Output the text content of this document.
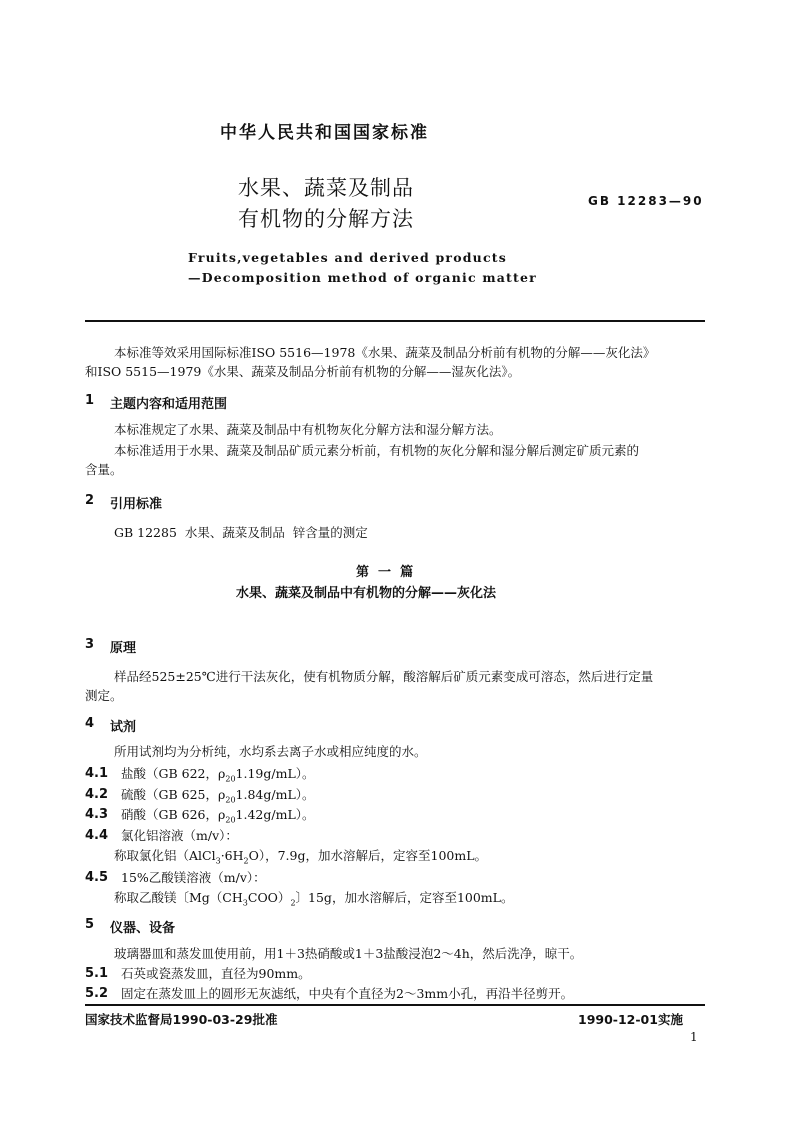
中华人民共和国国家标准
水果、蔬菜及制品
有机物的分解方法
GB 12283—90
Fruits,vegetables and derived products
—Decomposition method of organic matter
本标准等效采用国际标准ISO 5516—1978《水果、蔬菜及制品分析前有机物的分解——灰化法》
和ISO 5515—1979《水果、蔬菜及制品分析前有机物的分解——湿灰化法》。
1 主题内容和适用范围
本标准规定了水果、蔬菜及制品中有机物灰化分解方法和湿分解方法。
本标准适用于水果、蔬菜及制品矿质元素分析前，有机物的灰化分解和湿分解后测定矿质元素的
含量。
2 引用标准
GB 12285  水果、蔬菜及制品  锌含量的测定
第  一  篇
水果、蔬菜及制品中有机物的分解——灰化法
3 原理
样品经525±25℃进行干法灰化，使有机物质分解，酸溶解后矿质元素变成可溶态，然后进行定量
测定。
4 试剂
所用试剂均为分析纯，水均系去离子水或相应纯度的水。
4.1 盐酸（GB 622，$\rho_{20}1.19g/mL$）。
4.2 硫酸（GB 625，$\rho_{20}1.84g/mL$）。
4.3 硝酸（GB 626，$\rho_{20}1.42g/mL$）。
4.4 氯化铝溶液（m/v）：
称取氯化铝$(AlCl_3\cdot 6H_2O)$，7.9g，加水溶解后，定容至100mL。
4.5 15%乙酸镁溶液（m/v）：
称取乙酸镁〔$Mg(CH_3COO)_2$〕15g，加水溶解后，定容至100mL。
5 仪器、设备
玻璃器皿和蒸发皿使用前，用1＋3热硝酸或1＋3盐酸浸泡2～4h，然后洗净，晾干。
5.1 石英或瓷蒸发皿，直径为90mm。
5.2 固定在蒸发皿上的圆形无灰滤纸，中央有个直径为2～3mm小孔，再沿半径剪开。
国家技术监督局1990-03-29批准	1990-12-01实施
1
